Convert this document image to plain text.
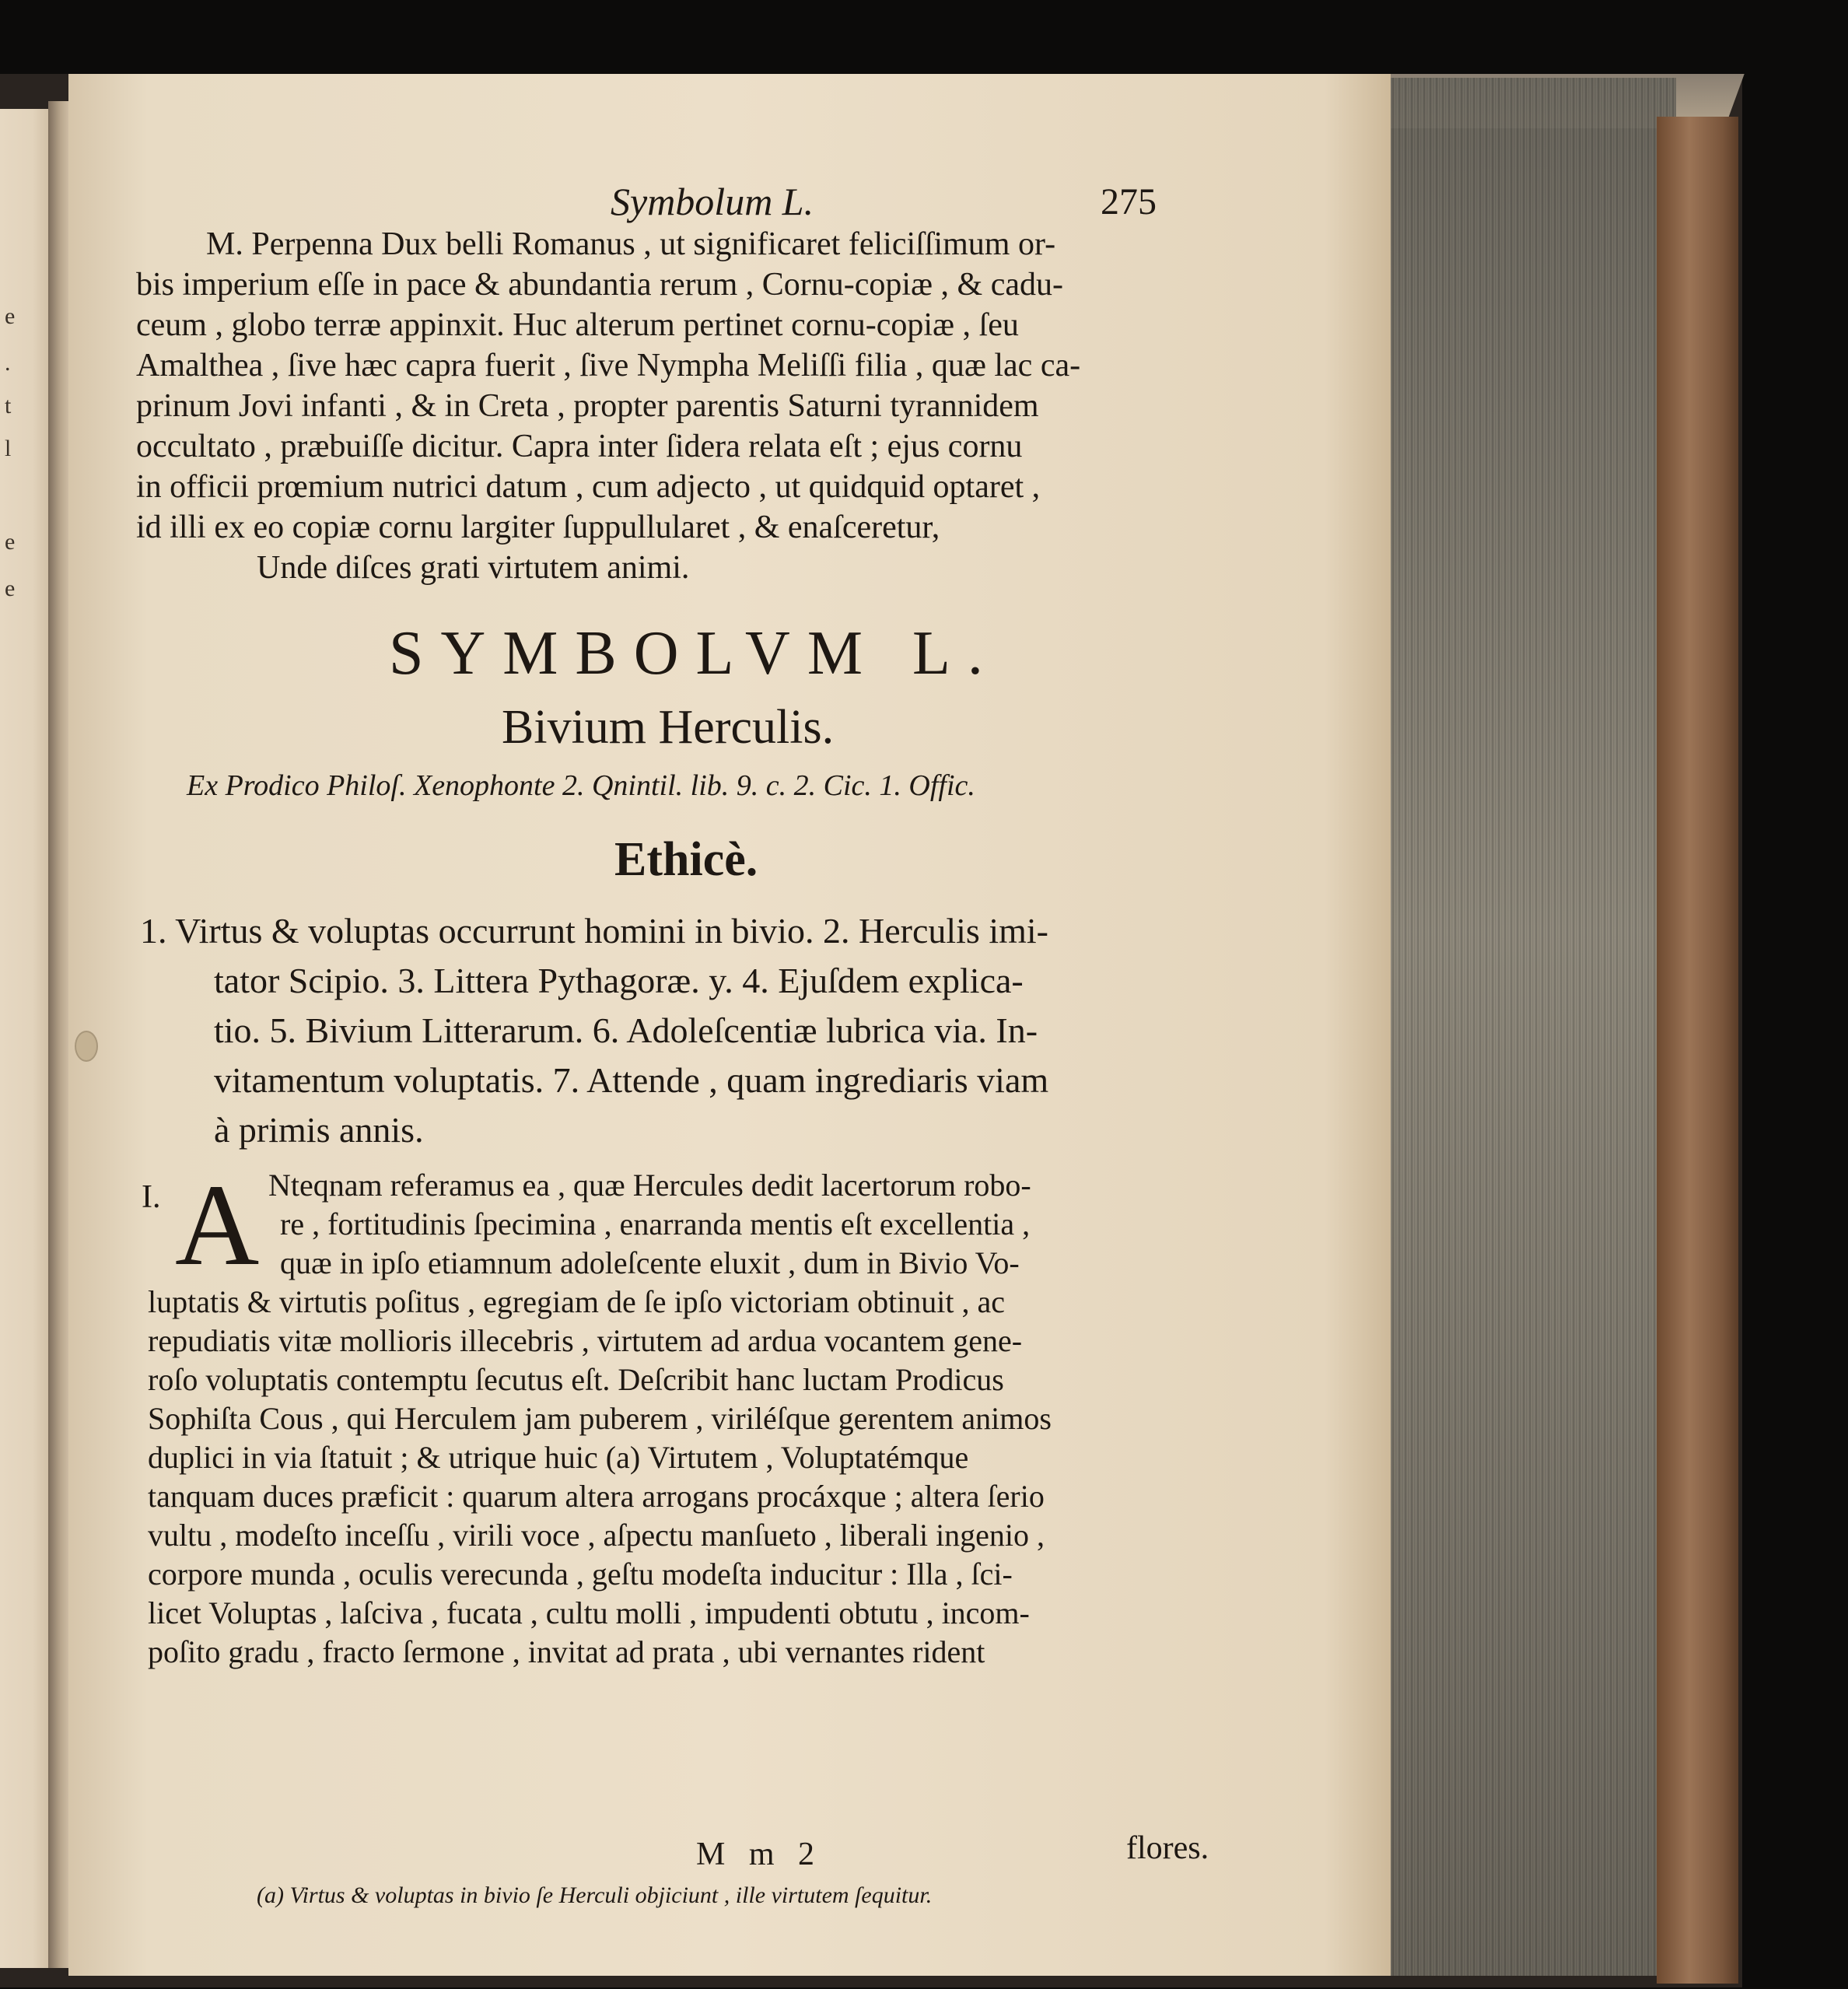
e
.
t
l
e
e
Symbolum L.	275
M. Perpenna Dux belli Romanus , ut significaret feliciſſimum or-
bis imperium eſſe in pace & abundantia rerum , Cornu-copiæ , & cadu-
ceum , globo terræ appinxit. Huc alterum pertinet cornu-copiæ , ſeu
Amalthea , ſive hæc capra fuerit , ſive Nympha Meliſſi filia , quæ lac ca-
prinum Jovi infanti , & in Creta , propter parentis Saturni tyrannidem
occultato , præbuiſſe dicitur. Capra inter ſidera relata eſt ; ejus cornu
in officii prœmium nutrici datum , cum adjecto , ut quidquid optaret ,
id illi ex eo copiæ cornu largiter ſuppullularet , & enaſceretur,
Unde diſces grati virtutem animi.
SYMBOLVM L.
Bivium Herculis.
Ex Prodico Philoſ. Xenophonte 2. Qnintil. lib. 9. c. 2. Cic. 1. Offic.
Ethicè.
1. Virtus & voluptas occurrunt homini in bivio. 2. Herculis imi-
tator Scipio. 3. Littera Pythagoræ. y. 4. Ejuſdem explica-
tio. 5. Bivium Litterarum. 6. Adoleſcentiæ lubrica via. In-
vitamentum voluptatis. 7. Attende , quam ingrediaris viam
à primis annis.
I. A Nteqnam referamus ea , quæ Hercules dedit lacertorum robo-
re , fortitudinis ſpecimina , enarranda mentis eſt excellentia ,
quæ in ipſo etiamnum adoleſcente eluxit , dum in Bivio Vo-
luptatis & virtutis poſitus , egregiam de ſe ipſo victoriam obtinuit , ac
repudiatis vitæ mollioris illecebris , virtutem ad ardua vocantem gene-
roſo voluptatis contemptu ſecutus eſt. Deſcribit hanc luctam Prodicus
Sophiſta Cous , qui Herculem jam puberem , viriléſque gerentem animos
duplici in via ſtatuit ; & utrique huic (a) Virtutem , Voluptatémque
tanquam duces præficit : quarum altera arrogans procáxque ; altera ſerio
vultu , modeſto inceſſu , virili voce , aſpectu manſueto , liberali ingenio ,
corpore munda , oculis verecunda , geſtu modeſta inducitur : Illa , ſci-
licet Voluptas , laſciva , fucata , cultu molli , impudenti obtutu , incom-
poſito gradu , fracto ſermone , invitat ad prata , ubi vernantes rident
M m 2	flores.
(a) Virtus & voluptas in bivio ſe Herculi objiciunt , ille virtutem ſequitur.
